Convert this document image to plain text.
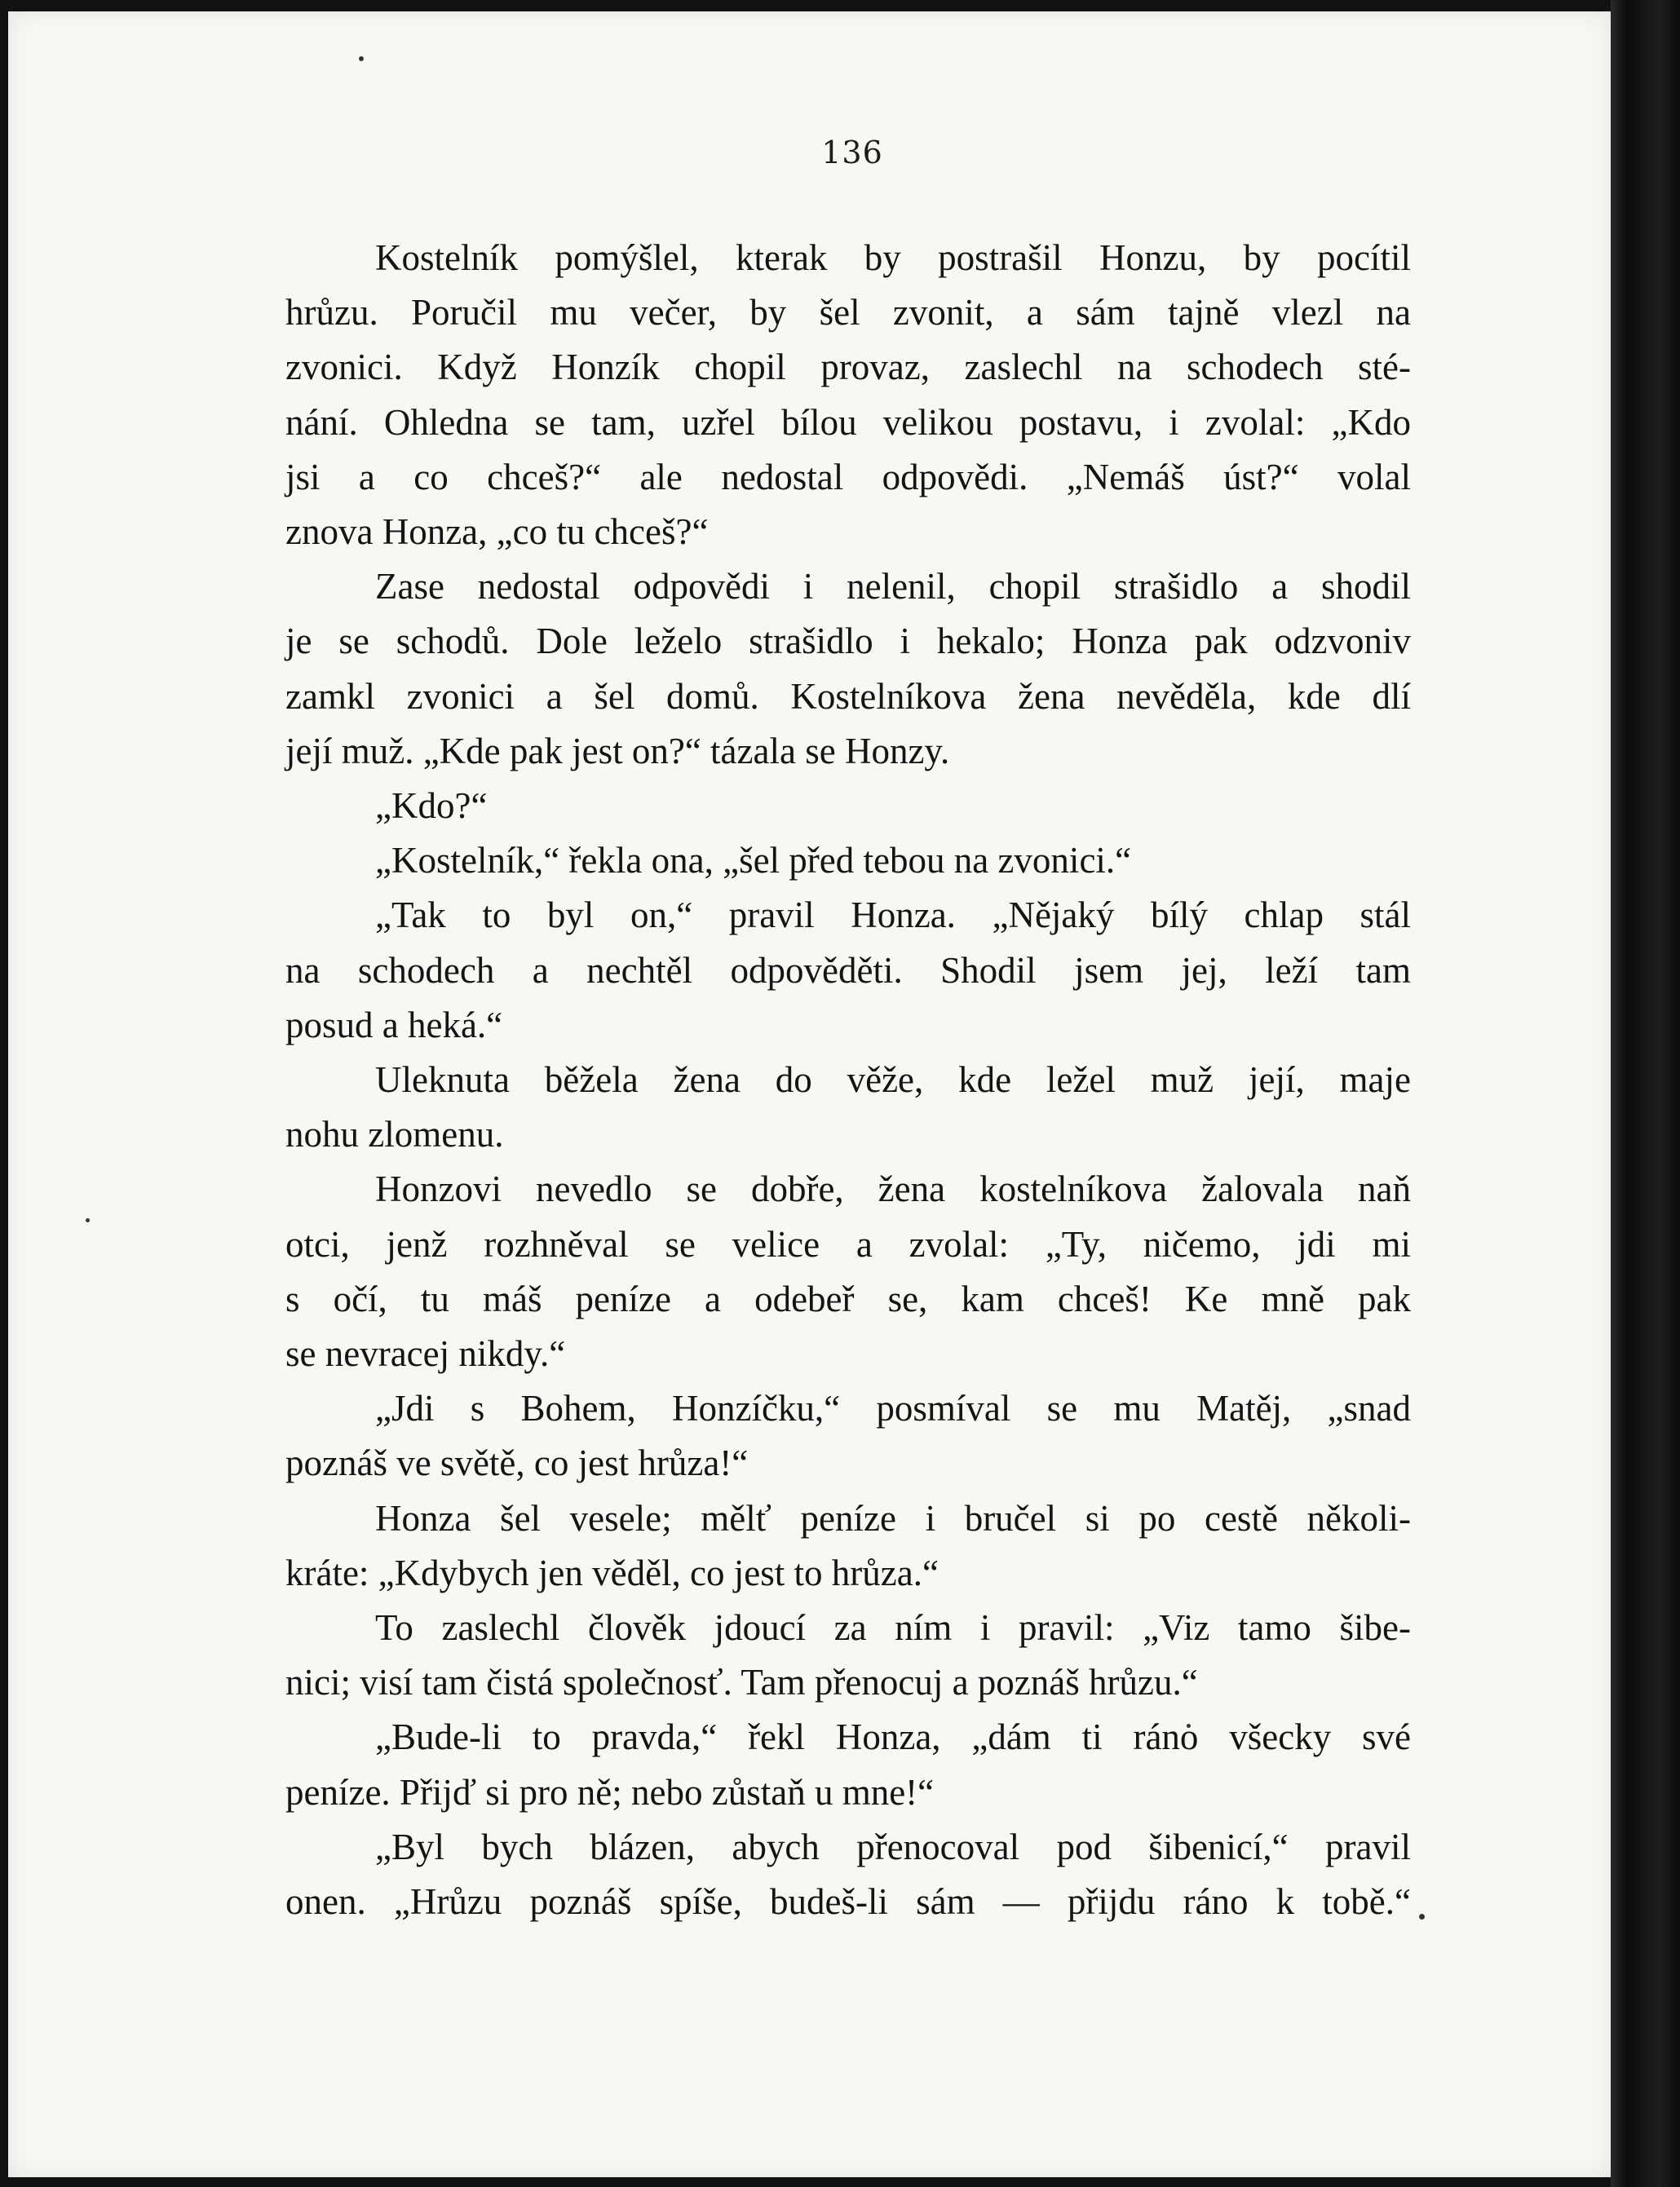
136
Kostelník pomýšlel, kterak by postrašil Honzu, by pocítil
hrůzu. Poručil mu večer, by šel zvonit, a sám tajně vlezl na
zvonici. Když Honzík chopil provaz, zaslechl na schodech sté-
nání. Ohledna se tam, uzřel bílou velikou postavu, i zvolal: „Kdo
jsi a co chceš?“ ale nedostal odpovědi. „Nemáš úst?“ volal
znova Honza, „co tu chceš?“
Zase nedostal odpovědi i nelenil, chopil strašidlo a shodil
je se schodů. Dole leželo strašidlo i hekalo; Honza pak odzvoniv
zamkl zvonici a šel domů. Kostelníkova žena nevěděla, kde dlí
její muž. „Kde pak jest on?“ tázala se Honzy.
„Kdo?“
„Kostelník,“ řekla ona, „šel před tebou na zvonici.“
„Tak to byl on,“ pravil Honza. „Nějaký bílý chlap stál
na schodech a nechtěl odpověděti. Shodil jsem jej, leží tam
posud a heká.“
Uleknuta běžela žena do věže, kde ležel muž její, maje
nohu zlomenu.
Honzovi nevedlo se dobře, žena kostelníkova žalovala naň
otci, jenž rozhněval se velice a zvolal: „Ty, ničemo, jdi mi
s očí, tu máš peníze a odebeř se, kam chceš! Ke mně pak
se nevracej nikdy.“
„Jdi s Bohem, Honzíčku,“ posmíval se mu Matěj, „snad
poznáš ve světě, co jest hrůza!“
Honza šel vesele; mělť peníze i bručel si po cestě několi-
kráte: „Kdybych jen věděl, co jest to hrůza.“
To zaslechl člověk jdoucí za ním i pravil: „Viz tamo šibe-
nici; visí tam čistá společnosť. Tam přenocuj a poznáš hrůzu.“
„Bude-li to pravda,“ řekl Honza, „dám ti ráno všecky své
peníze. Přijď si pro ně; nebo zůstaň u mne!“
„Byl bych blázen, abych přenocoval pod šibenicí,“ pravil
onen. „Hrůzu poznáš spíše, budeš-li sám — přijdu ráno k tobě.“
